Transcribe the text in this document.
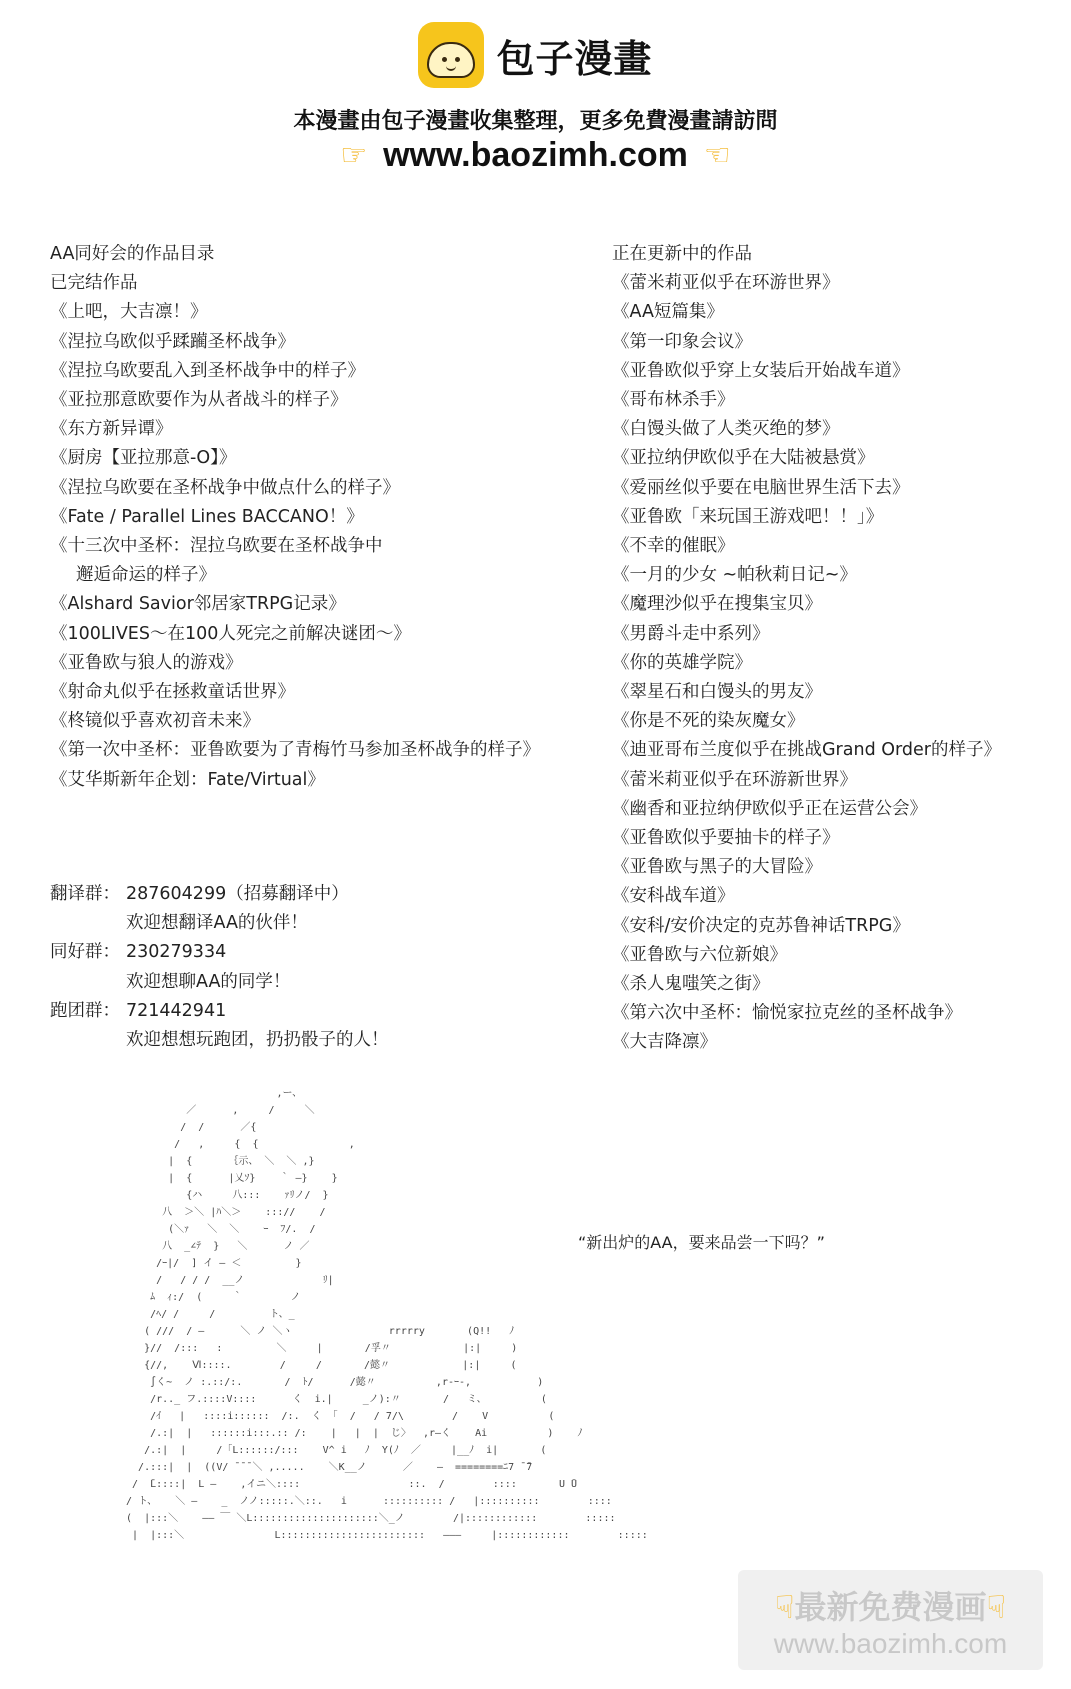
包子漫畫
本漫畫由包子漫畫收集整理，更多免費漫畫請訪問
☞ www.baozimh.com ☜
AA同好会的作品目录
已完结作品
《上吧，大吉凛！》
《涅拉乌欧似乎蹂躏圣杯战争》
《涅拉乌欧要乱入到圣杯战争中的样子》
《亚拉那意欧要作为从者战斗的样子》
《东方新异谭》
《厨房【亚拉那意-O】》
《涅拉乌欧要在圣杯战争中做点什么的样子》
《Fate / Parallel Lines BACCANO！》
《十三次中圣杯：涅拉乌欧要在圣杯战争中
邂逅命运的样子》
《Alshard Savior邻居家TRPG记录》
《100LIVES～在100人死完之前解决谜团～》
《亚鲁欧与狼人的游戏》
《射命丸似乎在拯救童话世界》
《柊镜似乎喜欢初音未来》
《第一次中圣杯：亚鲁欧要为了青梅竹马参加圣杯战争的样子》
《艾华斯新年企划：Fate/Virtual》
正在更新中的作品
《蕾米莉亚似乎在环游世界》
《AA短篇集》
《第一印象会议》
《亚鲁欧似乎穿上女装后开始战车道》
《哥布林杀手》
《白馒头做了人类灭绝的梦》
《亚拉纳伊欧似乎在大陆被悬赏》
《爱丽丝似乎要在电脑世界生活下去》
《亚鲁欧「来玩国王游戏吧！！」》
《不幸的催眠》
《一月的少女 ~帕秋莉日记~》
《魔理沙似乎在搜集宝贝》
《男爵斗走中系列》
《你的英雄学院》
《翠星石和白馒头的男友》
《你是不死的染灰魔女》
《迪亚哥布兰度似乎在挑战Grand Order的样子》
《蕾米莉亚似乎在环游新世界》
《幽香和亚拉纳伊欧似乎正在运营公会》
《亚鲁欧似乎要抽卡的样子》
《亚鲁欧与黑子的大冒险》
《安科战车道》
《安科/安价决定的克苏鲁神话TRPG》
《亚鲁欧与六位新娘》
《杀人鬼嗤笑之街》
《第六次中圣杯：愉悦家拉克丝的圣杯战争》
《大吉降凛》
翻译群： 287604299（招募翻译中）
欢迎想翻译AA的伙伴！
同好群： 230279334
欢迎想聊AA的同学！
跑团群： 721442941
欢迎想想玩跑团，扔扔骰子的人！
,ー、
／      ,     /     ＼
/  /      ／{
/   ,     {  {               ,
|  {      ｛示、 ＼  ＼ ,}
|  {      |乂ｿ}    ｀ ―}    }
{ハ     八:::    ｧﾘノ/  }
八  ＞＼ |ﾊ＼＞    ::://    /
(＼ｧ   ＼  ＼    ｰ  ﾌ/.  /
八  _∠ﾃ  }   ＼      ノ ／
/ｰ|/  ] イ ― ＜         }
/   / / /  __ノ             ﾘ|
ﾑ  ｨ:/  (     ｀        ノ
/ﾍ/ /     /         ト、_
( ///  / ―      ＼ ノ ＼ヽ                rrrrry       (Q!!   ﾉ
}//  /:::   :         ＼     |       /孚〃            |:|     )
{//,    Ⅵ::::.        /     /       /懿〃            |:|     (
∫く~  ノ :.::/:.       /  ﾄ/      /懿〃          ,r-ｰ-,           )
/r.._ フ.::::V::::      く  i.|     _ノ):〃       /   ミ、         (
/ｲ   |   ::::i::::::  /:.  く 「  /   / 7/\        /    V          (
/.:|  |   ::::::i:::.:: /:    |   |  |  じ〉  ,r―く    Ai          )    ﾉ
/.:|  |     /「L::::::/:::    V^ i   ﾉ  Y(ﾉ  ／     |__ﾉ  i|       (
/.:::|  |  ((V/ ̄ ̄ ̄ ＼ ,.....    ＼K__ノ      ／    ―  ========ﾆ7 ̄ ̄7
/  ̄L::::|  L ―    ,イニ＼::::                  ::.  /        ::::       U ̄U
/ ト、   ＼ ―    _  ノノ:::::.＼::.   i      :::::::::: /   |::::::::::        ::::
(  |:::＼    ―― ￣ ＼L:::::::::::::::::::::＼_ノ        /|::::::::::::        :::::
|  |:::＼               L::::::::::::::::::::::::   ―――     |::::::::::::        :::::

“新出炉的AA，要来品尝一下吗？”
☟最新免费漫画☟
www.baozimh.com
